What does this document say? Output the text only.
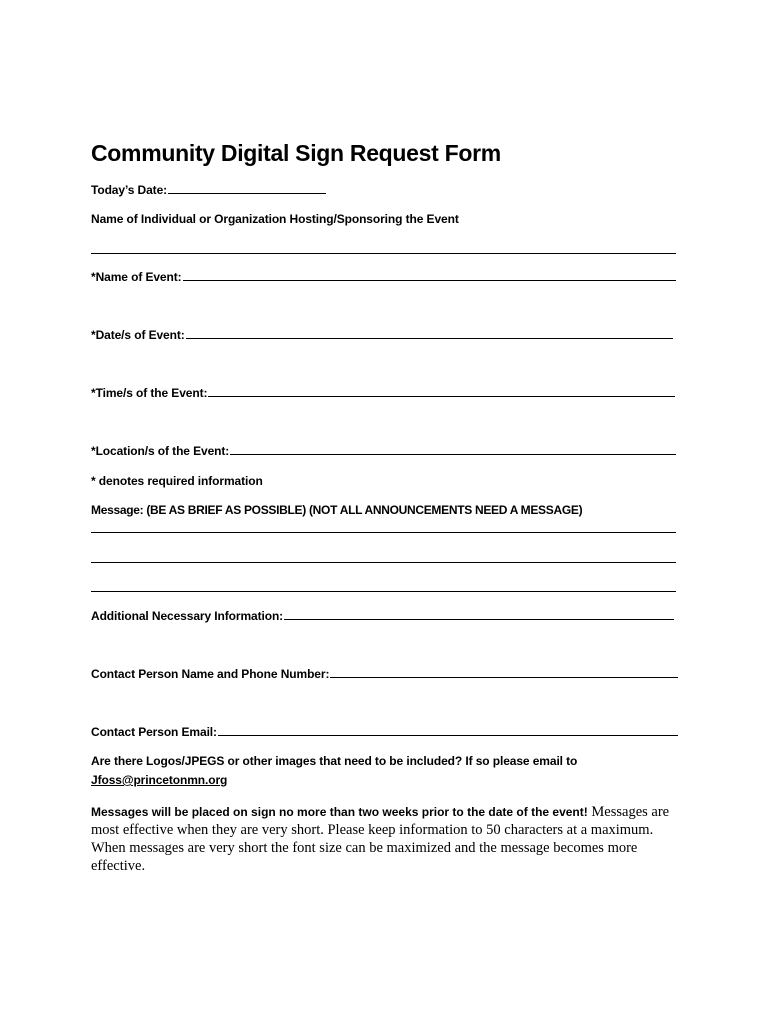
Community Digital Sign Request Form
Today’s Date:
Name of Individual or Organization Hosting/Sponsoring the Event
*Name of Event:
*Date/s of Event:
*Time/s of the Event:
*Location/s of the Event:
* denotes required information
Message: (BE AS BRIEF AS POSSIBLE) (NOT ALL ANNOUNCEMENTS NEED A MESSAGE)
Additional Necessary Information:
Contact Person Name and Phone Number:
Contact Person Email:
Are there Logos/JPEGS or other images that need to be included? If so please email to
Jfoss@princetonmn.org
Messages will be placed on sign no more than two weeks prior to the date of the event! Messages are most effective when they are very short. Please keep information to 50 characters at a maximum. When messages are very short the font size can be maximized and the message becomes more effective.
